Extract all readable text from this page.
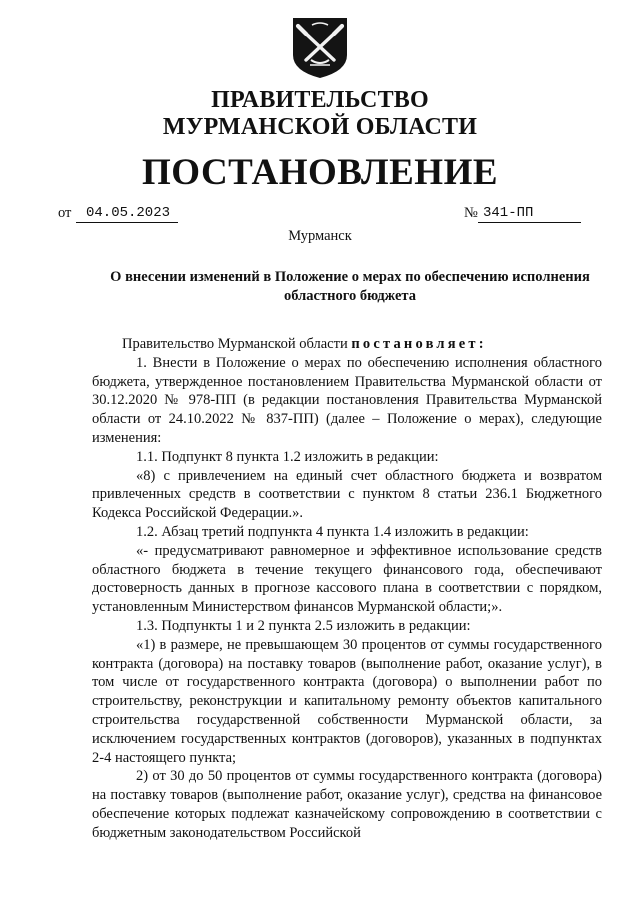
ПРАВИТЕЛЬСТВО
МУРМАНСКОЙ ОБЛАСТИ
ПОСТАНОВЛЕНИЕ
от	04.05.2023	№ 341-ПП
Мурманск
О внесении изменений в Положение о мерах по обеспечению исполнения областного бюджета

Правительство Мурманской области постановляет:

1. Внести в Положение о мерах по обеспечению исполнения областного бюджета, утвержденное постановлением Правительства Мурманской области от 30.12.2020 № 978-ПП (в редакции постановления Правительства Мурманской области от 24.10.2022 № 837-ПП) (далее – Положение о мерах), следующие изменения:

1.1. Подпункт 8 пункта 1.2 изложить в редакции:

«8) с привлечением на единый счет областного бюджета и возвратом привлеченных средств в соответствии с пунктом 8 статьи 236.1 Бюджетного Кодекса Российской Федерации.».

1.2. Абзац третий подпункта 4 пункта 1.4 изложить в редакции:

«- предусматривают равномерное и эффективное использование средств областного бюджета в течение текущего финансового года, обеспечивают достоверность данных в прогнозе кассового плана в соответствии с порядком, установленным Министерством финансов Мурманской области;».

1.3. Подпункты 1 и 2 пункта 2.5 изложить в редакции:

«1) в размере, не превышающем 30 процентов от суммы государственного контракта (договора) на поставку товаров (выполнение работ, оказание услуг), в том числе от государственного контракта (договора) о выполнении работ по строительству, реконструкции и капитальному ремонту объектов капитального строительства государственной собственности Мурманской области, за исключением государственных контрактов (договоров), указанных в подпунктах 2-4 настоящего пункта;

2) от 30 до 50 процентов от суммы государственного контракта (договора) на поставку товаров (выполнение работ, оказание услуг), средства на финансовое обеспечение которых подлежат казначейскому сопровождению в соответствии с бюджетным законодательством Российской
